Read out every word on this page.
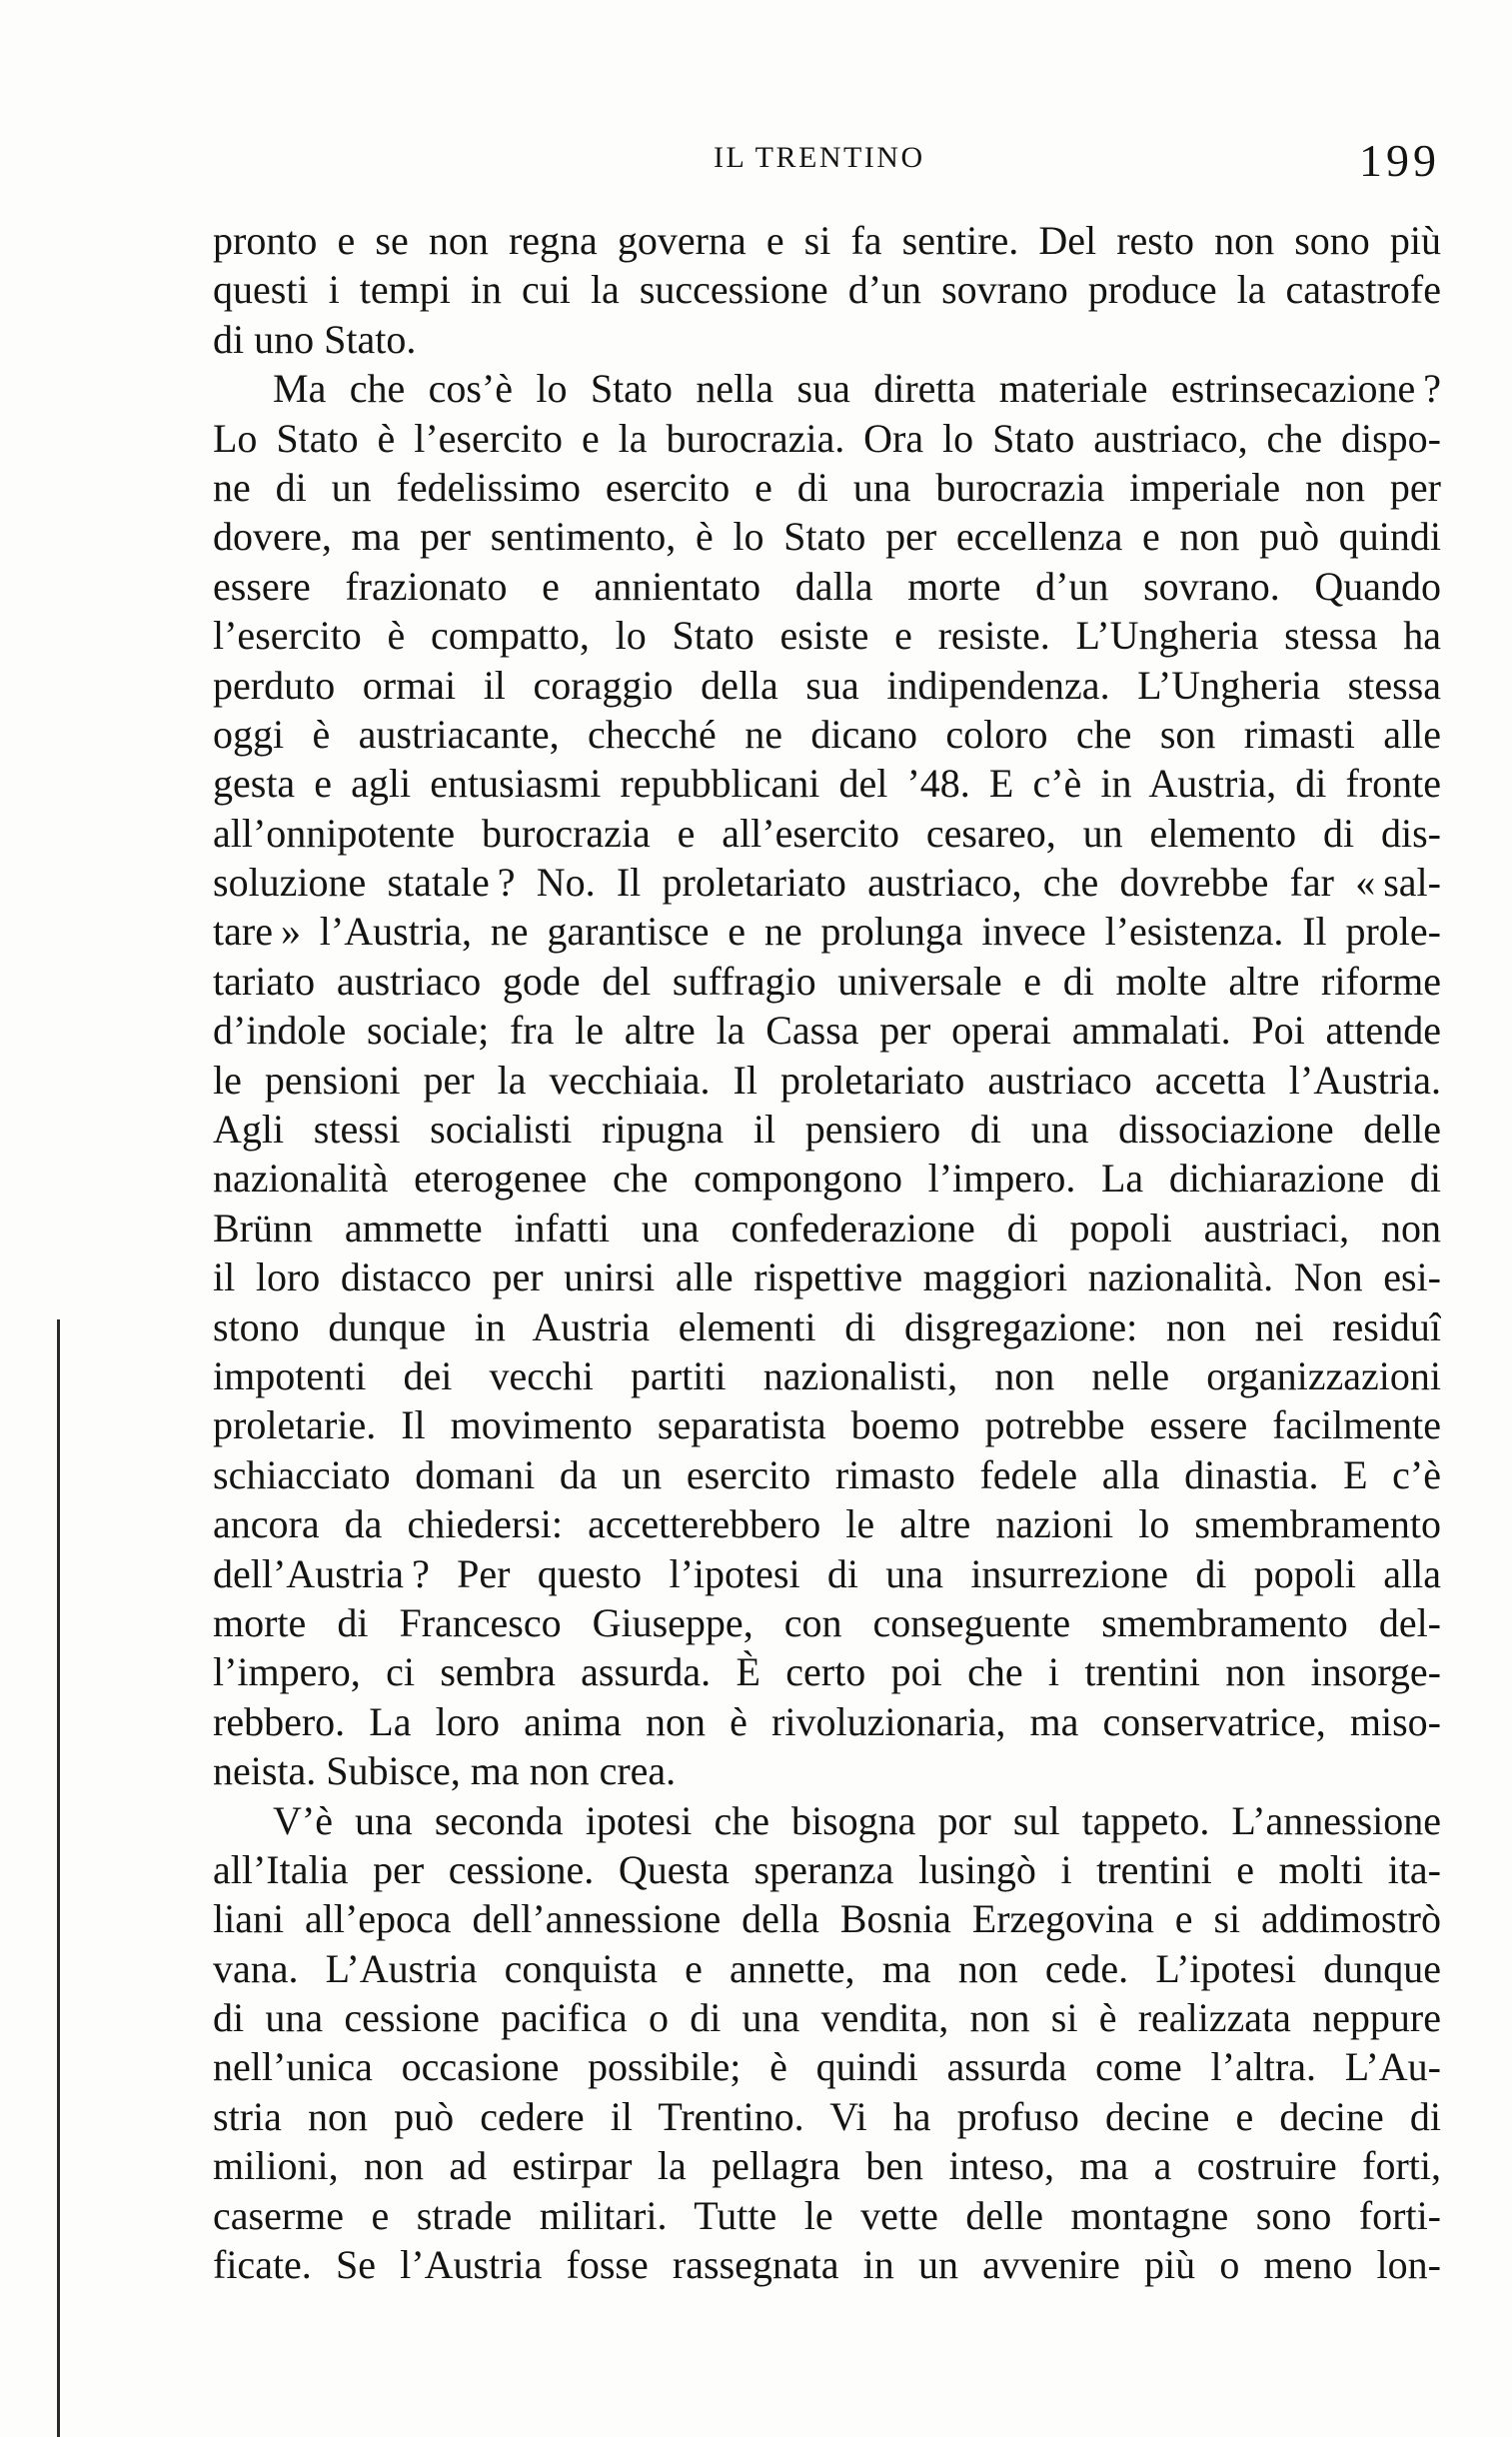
IL TRENTINO	199
pronto e se non regna governa e si fa sentire. Del resto non sono più
questi i tempi in cui la successione d’un sovrano produce la catastrofe
di uno Stato.
Ma che cos’è lo Stato nella sua diretta materiale estrinsecazione ?
Lo Stato è l’esercito e la burocrazia. Ora lo Stato austriaco, che dispo-
ne di un fedelissimo esercito e di una burocrazia imperiale non per
dovere, ma per sentimento, è lo Stato per eccellenza e non può quindi
essere frazionato e annientato dalla morte d’un sovrano. Quando
l’esercito è compatto, lo Stato esiste e resiste. L’Ungheria stessa ha
perduto ormai il coraggio della sua indipendenza. L’Ungheria stessa
oggi è austriacante, checché ne dicano coloro che son rimasti alle
gesta e agli entusiasmi repubblicani del ’48. E c’è in Austria, di fronte
all’onnipotente burocrazia e all’esercito cesareo, un elemento di dis-
soluzione statale ? No. Il proletariato austriaco, che dovrebbe far « sal-
tare » l’Austria, ne garantisce e ne prolunga invece l’esistenza. Il prole-
tariato austriaco gode del suffragio universale e di molte altre riforme
d’indole sociale; fra le altre la Cassa per operai ammalati. Poi attende
le pensioni per la vecchiaia. Il proletariato austriaco accetta l’Austria.
Agli stessi socialisti ripugna il pensiero di una dissociazione delle
nazionalità eterogenee che compongono l’impero. La dichiarazione di
Brünn ammette infatti una confederazione di popoli austriaci, non
il loro distacco per unirsi alle rispettive maggiori nazionalità. Non esi-
stono dunque in Austria elementi di disgregazione: non nei residuî
impotenti dei vecchi partiti nazionalisti, non nelle organizzazioni
proletarie. Il movimento separatista boemo potrebbe essere facilmente
schiacciato domani da un esercito rimasto fedele alla dinastia. E c’è
ancora da chiedersi: accetterebbero le altre nazioni lo smembramento
dell’Austria ? Per questo l’ipotesi di una insurrezione di popoli alla
morte di Francesco Giuseppe, con conseguente smembramento del-
l’impero, ci sembra assurda. È certo poi che i trentini non insorge-
rebbero. La loro anima non è rivoluzionaria, ma conservatrice, miso-
neista. Subisce, ma non crea.
V’è una seconda ipotesi che bisogna por sul tappeto. L’annessione
all’Italia per cessione. Questa speranza lusingò i trentini e molti ita-
liani all’epoca dell’annessione della Bosnia Erzegovina e si addimostrò
vana. L’Austria conquista e annette, ma non cede. L’ipotesi dunque
di una cessione pacifica o di una vendita, non si è realizzata neppure
nell’unica occasione possibile; è quindi assurda come l’altra. L’Au-
stria non può cedere il Trentino. Vi ha profuso decine e decine di
milioni, non ad estirpar la pellagra ben inteso, ma a costruire forti,
caserme e strade militari. Tutte le vette delle montagne sono forti-
ficate. Se l’Austria fosse rassegnata in un avvenire più o meno lon-
